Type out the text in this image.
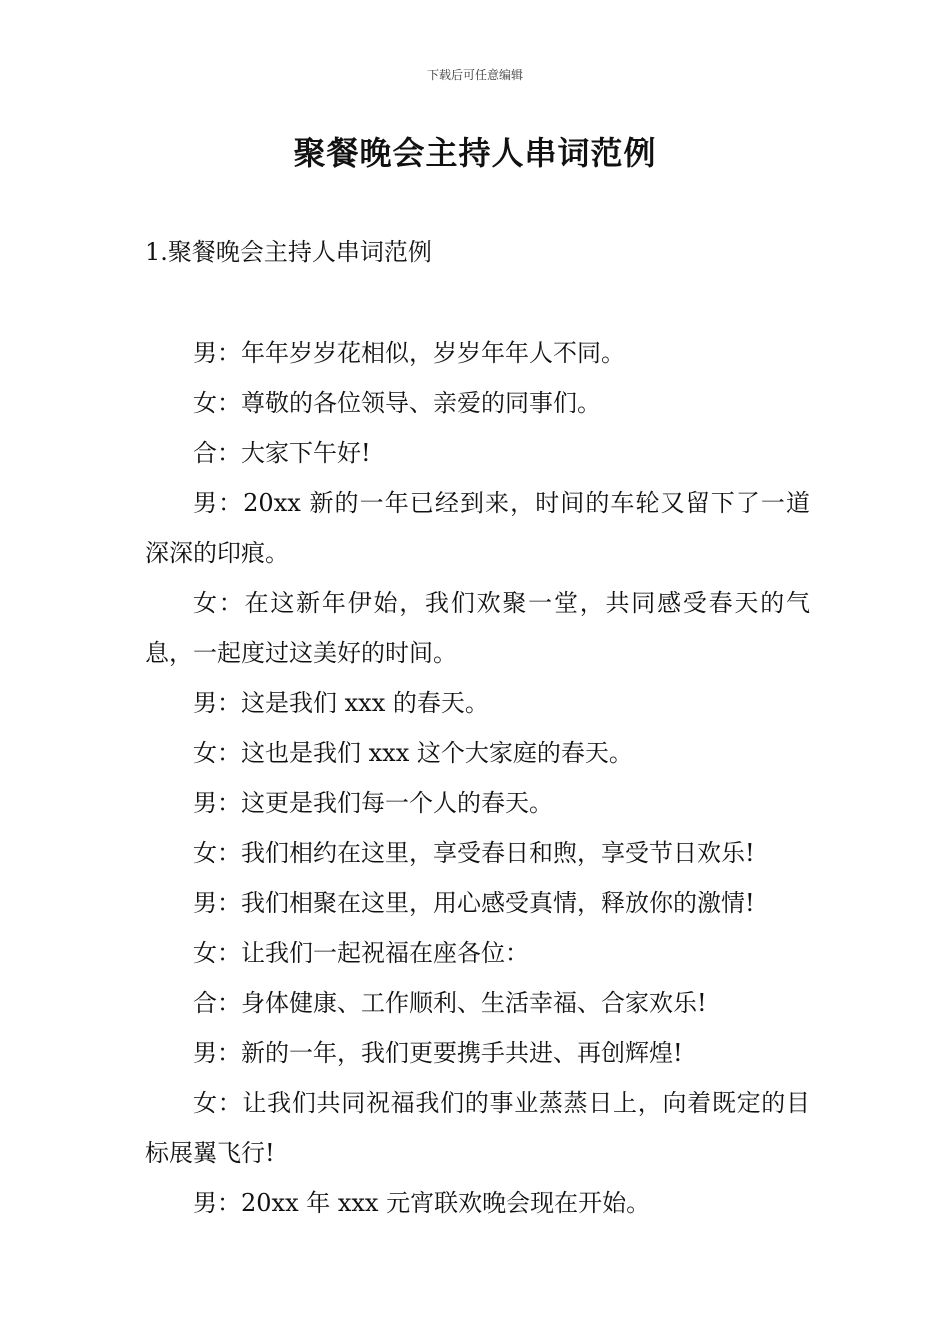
下载后可任意编辑
聚餐晚会主持人串词范例
1.聚餐晚会主持人串词范例

男：年年岁岁花相似，岁岁年年人不同。

女：尊敬的各位领导、亲爱的同事们。

合：大家下午好!

男：20xx 新的一年已经到来，时间的车轮又留下了一道深深的印痕。

女：在这新年伊始，我们欢聚一堂，共同感受春天的气息，一起度过这美好的时间。

男：这是我们 xxx 的春天。

女：这也是我们 xxx 这个大家庭的春天。

男：这更是我们每一个人的春天。

女：我们相约在这里，享受春日和煦，享受节日欢乐!

男：我们相聚在这里，用心感受真情，释放你的激情!

女：让我们一起祝福在座各位：

合：身体健康、工作顺利、生活幸福、合家欢乐!

男：新的一年，我们更要携手共进、再创辉煌!

女：让我们共同祝福我们的事业蒸蒸日上，向着既定的目标展翼飞行!

男：20xx 年 xxx 元宵联欢晚会现在开始。
